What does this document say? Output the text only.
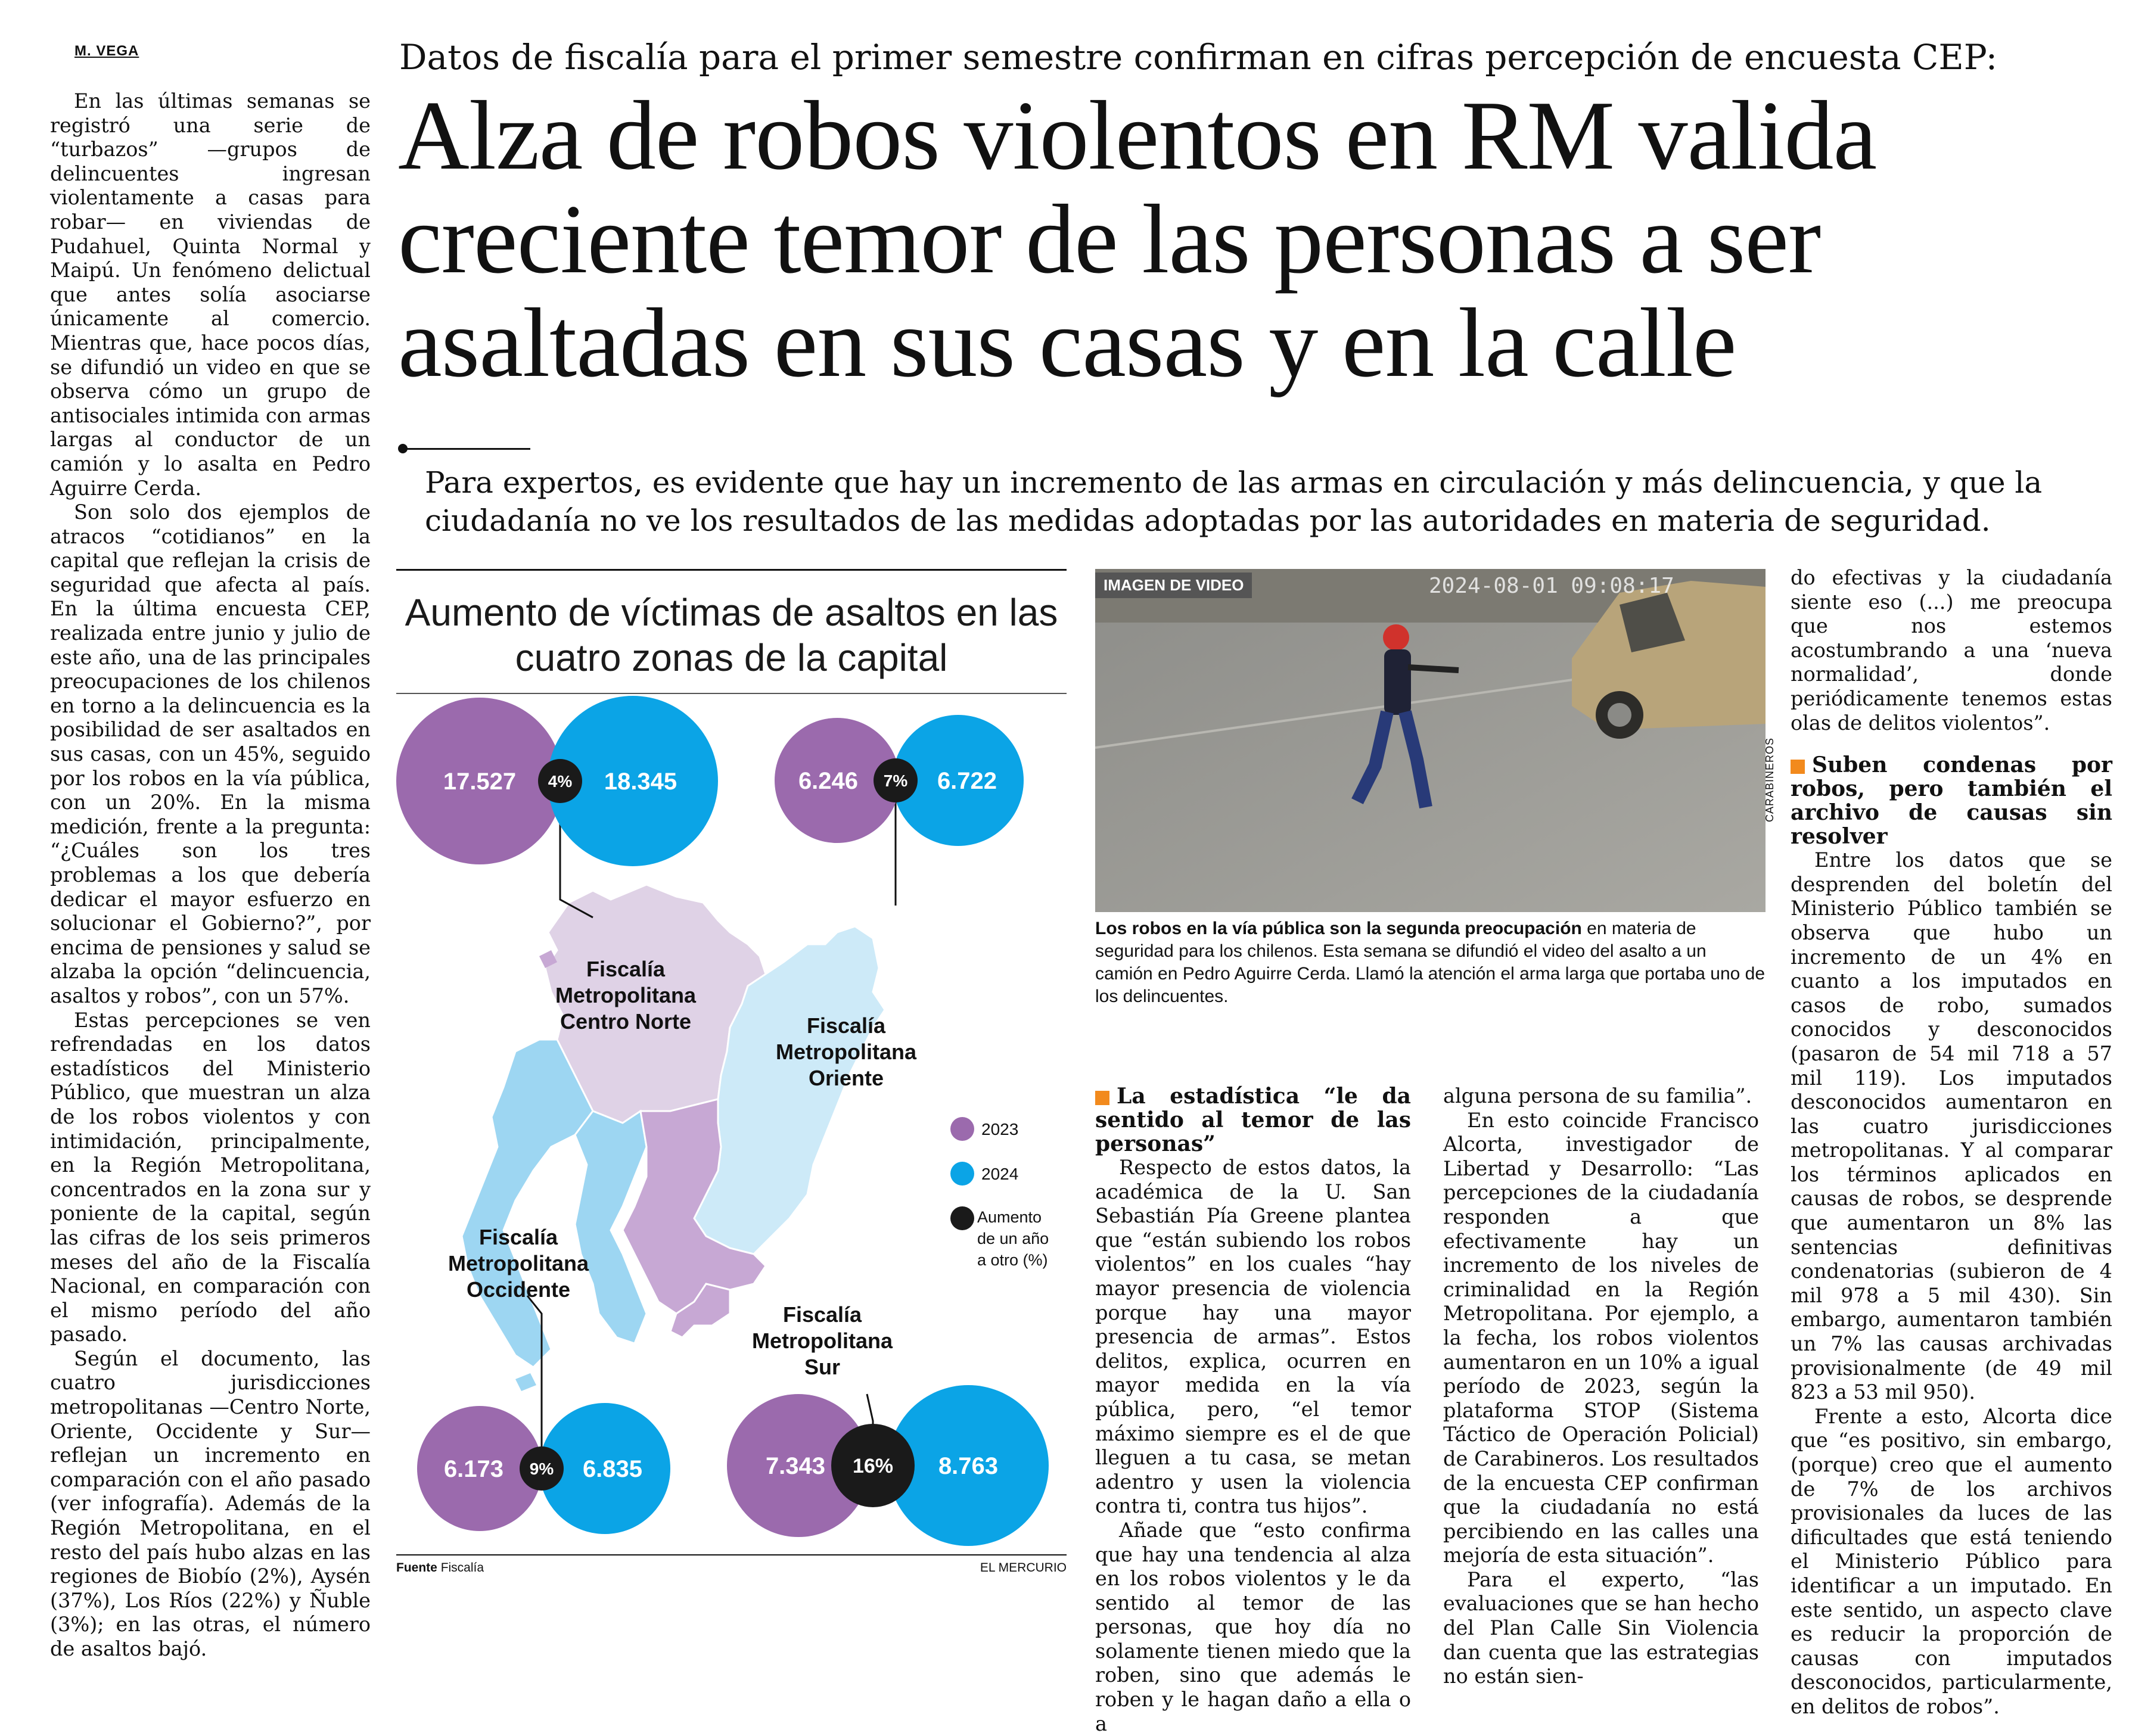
M. VEGA

En las últimas semanas se registró una serie de “turbazos” —grupos de delincuentes ingresan violentamente a casas para robar— en viviendas de Pudahuel, Quinta Normal y Maipú. Un fenómeno delictual que antes solía asociarse únicamente al comercio. Mientras que, hace pocos días, se difundió un video en que se observa cómo un grupo de antisociales intimida con armas largas al conductor de un camión y lo asalta en Pedro Aguirre Cerda.

Son solo dos ejemplos de atracos “cotidianos” en la capital que reflejan la crisis de seguridad que afecta al país. En la última encuesta CEP, realizada entre junio y julio de este año, una de las principales preocupaciones de los chilenos en torno a la delincuencia es la posibilidad de ser asaltados en sus casas, con un 45%, seguido por los robos en la vía pública, con un 20%. En la misma medición, frente a la pregunta: “¿Cuáles son los tres problemas a los que debería dedicar el mayor esfuerzo en solucionar el Gobierno?”, por encima de pensiones y salud se alzaba la opción “delincuencia, asaltos y robos”, con un 57%.

Estas percepciones se ven refrendadas en los datos estadísticos del Ministerio Público, que muestran un alza de los robos violentos y con intimidación, principalmente, en la Región Metropolitana, concentrados en la zona sur y poniente de la capital, según las cifras de los seis primeros meses del año de la Fiscalía Nacional, en comparación con el mismo período del año pasado.

Según el documento, las cuatro jurisdicciones metropolitanas —Centro Norte, Oriente, Occidente y Sur— reflejan un incremento en comparación con el año pasado (ver infografía). Además de la Región Metropolitana, en el resto del país hubo alzas en las regiones de Biobío (2%), Aysén (37%), Los Ríos (22%) y Ñuble (3%); en las otras, el número de asaltos bajó.

Datos de fiscalía para el primer semestre confirman en cifras percepción de encuesta CEP:
Alza de robos violentos en RM valida
creciente temor de las personas a ser
asaltadas en sus casas y en la calle
Para expertos, es evidente que hay un incremento de las armas en circulación y más delincuencia, y que la ciudadanía no ve los resultados de las medidas adoptadas por las autoridades en materia de seguridad.
Aumento de víctimas de asaltos en las cuatro zonas de la capital
17.527	18.345
4%	6.246	6.722
7%
6.173	6.835
9%	7.343	8.763
16%
2023
2024
Fiscalía Metropolitana Centro Norte	Fiscalía Metropolitana Oriente
Fiscalía Metropolitana Occidente
Fiscalía Metropolitana Sur
Aumento de un año a otro (%)
Fuente Fiscalía	EL MERCURIO
IMAGEN DE VIDEO	2024-08-01 09:08:17
CARABINEROS
Los robos en la vía pública son la segunda preocupación en materia de seguridad para los chilenos. Esta semana se difundió el video del asalto a un camión en Pedro Aguirre Cerda. Llamó la atención el arma larga que portaba uno de los delincuentes.
La estadística “le da sentido al temor de las personas”

Respecto de estos datos, la académica de la U. San Sebastián Pía Greene plantea que “están subiendo los robos violentos” en los cuales “hay mayor presencia de violencia porque hay una mayor presencia de armas”. Estos delitos, explica, ocurren en mayor medida en la vía pública, pero, “el temor máximo siempre es el de que lleguen a tu casa, se metan adentro y usen la violencia contra ti, contra tus hijos”.

Añade que “esto confirma que hay una tendencia al alza en los robos violentos y le da sentido al temor de las personas, que hoy día no solamente tienen miedo que la roben, sino que además le roben y le hagan daño a ella o a

alguna persona de su familia”.

En esto coincide Francisco Alcorta, investigador de Libertad y Desarrollo: “Las percepciones de la ciudadanía responden a que efectivamente hay un incremento de los niveles de criminalidad en la Región Metropolitana. Por ejemplo, a la fecha, los robos violentos aumentaron en un 10% a igual período de 2023, según la plataforma STOP (Sistema Táctico de Operación Policial) de Carabineros. Los resultados de la encuesta CEP confirman que la ciudadanía no está percibiendo en las calles una mejoría de esta situación”.

Para el experto, “las evaluaciones que se han hecho del Plan Calle Sin Violencia dan cuenta que las estrategias no están sien-

do efectivas y la ciudadanía siente eso (...) me preocupa que nos estemos acostumbrando a una ‘nueva normalidad’, donde periódicamente tenemos estas olas de delitos violentos”.

Suben condenas por robos, pero también el archivo de causas sin resolver

Entre los datos que se desprenden del boletín del Ministerio Público también se observa que hubo un incremento de un 4% en cuanto a los imputados en casos de robo, sumados conocidos y desconocidos (pasaron de 54 mil 718 a 57 mil 119). Los imputados desconocidos aumentaron en las cuatro jurisdicciones metropolitanas. Y al comparar los términos aplicados en causas de robos, se desprende que aumentaron un 8% las sentencias definitivas condenatorias (subieron de 4 mil 978 a 5 mil 430). Sin embargo, aumentaron también un 7% las causas archivadas provisionalmente (de 49 mil 823 a 53 mil 950).

Frente a esto, Alcorta dice que “es positivo, sin embargo, (porque) creo que el aumento de 7% de los archivos provisionales da luces de las dificultades que está teniendo el Ministerio Público para identificar a un imputado. En este sentido, un aspecto clave es reducir la proporción de causas con imputados desconocidos, particularmente, en delitos de robos”.
